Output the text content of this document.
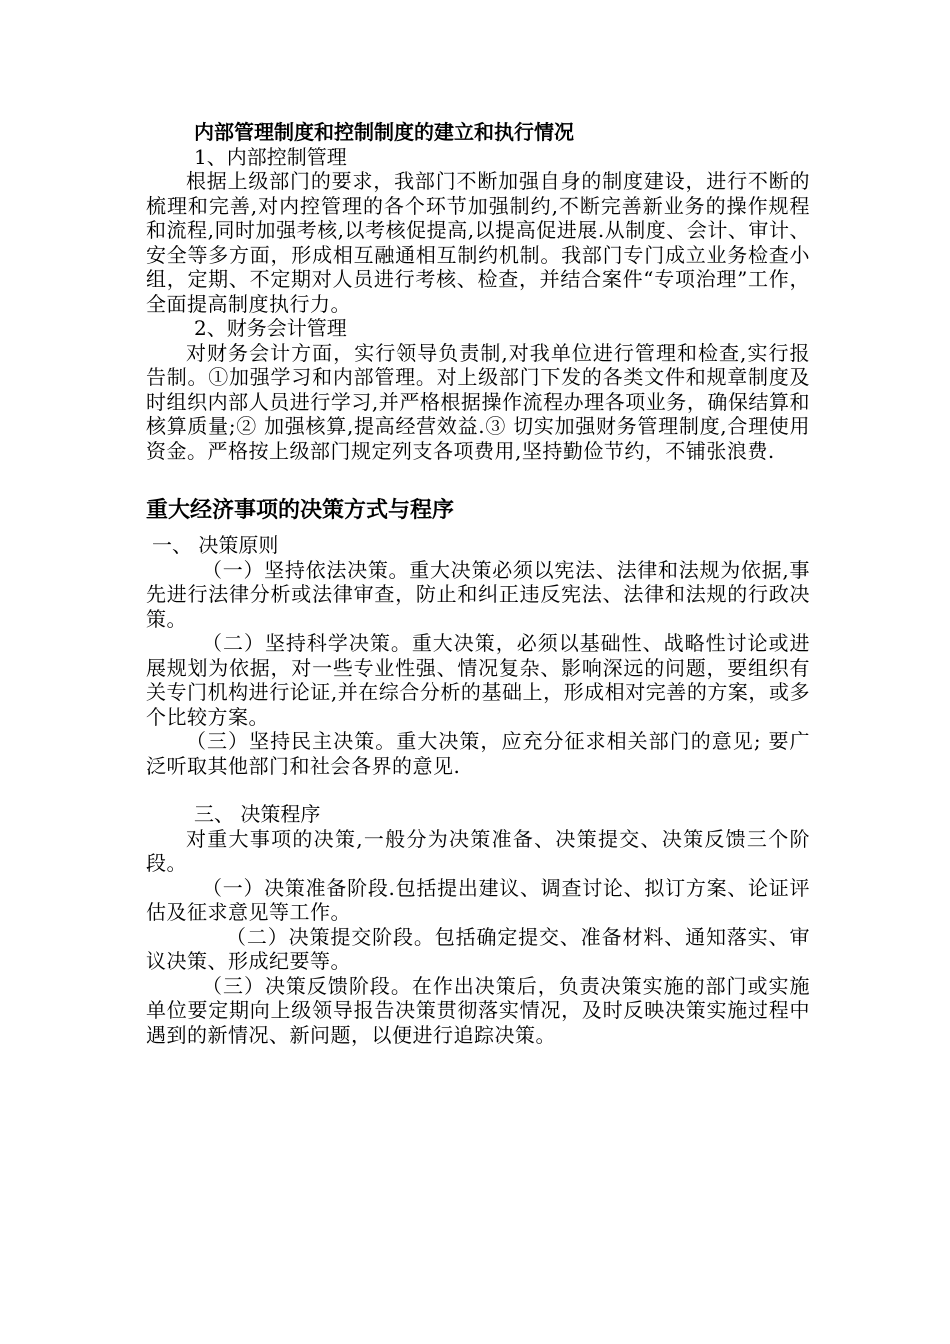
内部管理制度和控制制度的建立和执行情况

1、内部控制管理

根据上级部门的要求，我部门不断加强自身的制度建设，进行不断的梳理和完善,对内控管理的各个环节加强制约,不断完善新业务的操作规程和流程,同时加强考核,以考核促提高,以提高促进展.从制度、会计、审计、安全等多方面，形成相互融通相互制约机制。我部门专门成立业务检查小组，定期、不定期对人员进行考核、检查，并结合案件“专项治理”工作，全面提高制度执行力。

2、财务会计管理

对财务会计方面，实行领导负责制,对我单位进行管理和检查,实行报告制。①加强学习和内部管理。对上级部门下发的各类文件和规章制度及时组织内部人员进行学习,并严格根据操作流程办理各项业务，确保结算和核算质量;② 加强核算,提高经营效益.③ 切实加强财务管理制度,合理使用资金。严格按上级部门规定列支各项费用,坚持勤俭节约，不铺张浪费.

重大经济事项的决策方式与程序

一、 决策原则

（一）坚持依法决策。重大决策必须以宪法、法律和法规为依据,事先进行法律分析或法律审查，防止和纠正违反宪法、法律和法规的行政决策。

（二）坚持科学决策。重大决策，必须以基础性、战略性讨论或进展规划为依据，对一些专业性强、情况复杂、影响深远的问题，要组织有关专门机构进行论证,并在综合分析的基础上，形成相对完善的方案，或多个比较方案。

（三）坚持民主决策。重大决策，应充分征求相关部门的意见; 要广泛听取其他部门和社会各界的意见.

三、 决策程序

对重大事项的决策,一般分为决策准备、决策提交、决策反馈三个阶段。

（一）决策准备阶段.包括提出建议、调查讨论、拟订方案、论证评估及征求意见等工作。

（二）决策提交阶段。包括确定提交、准备材料、通知落实、审议决策、形成纪要等。

（三）决策反馈阶段。在作出决策后，负责决策实施的部门或实施单位要定期向上级领导报告决策贯彻落实情况，及时反映决策实施过程中遇到的新情况、新问题，以便进行追踪决策。
